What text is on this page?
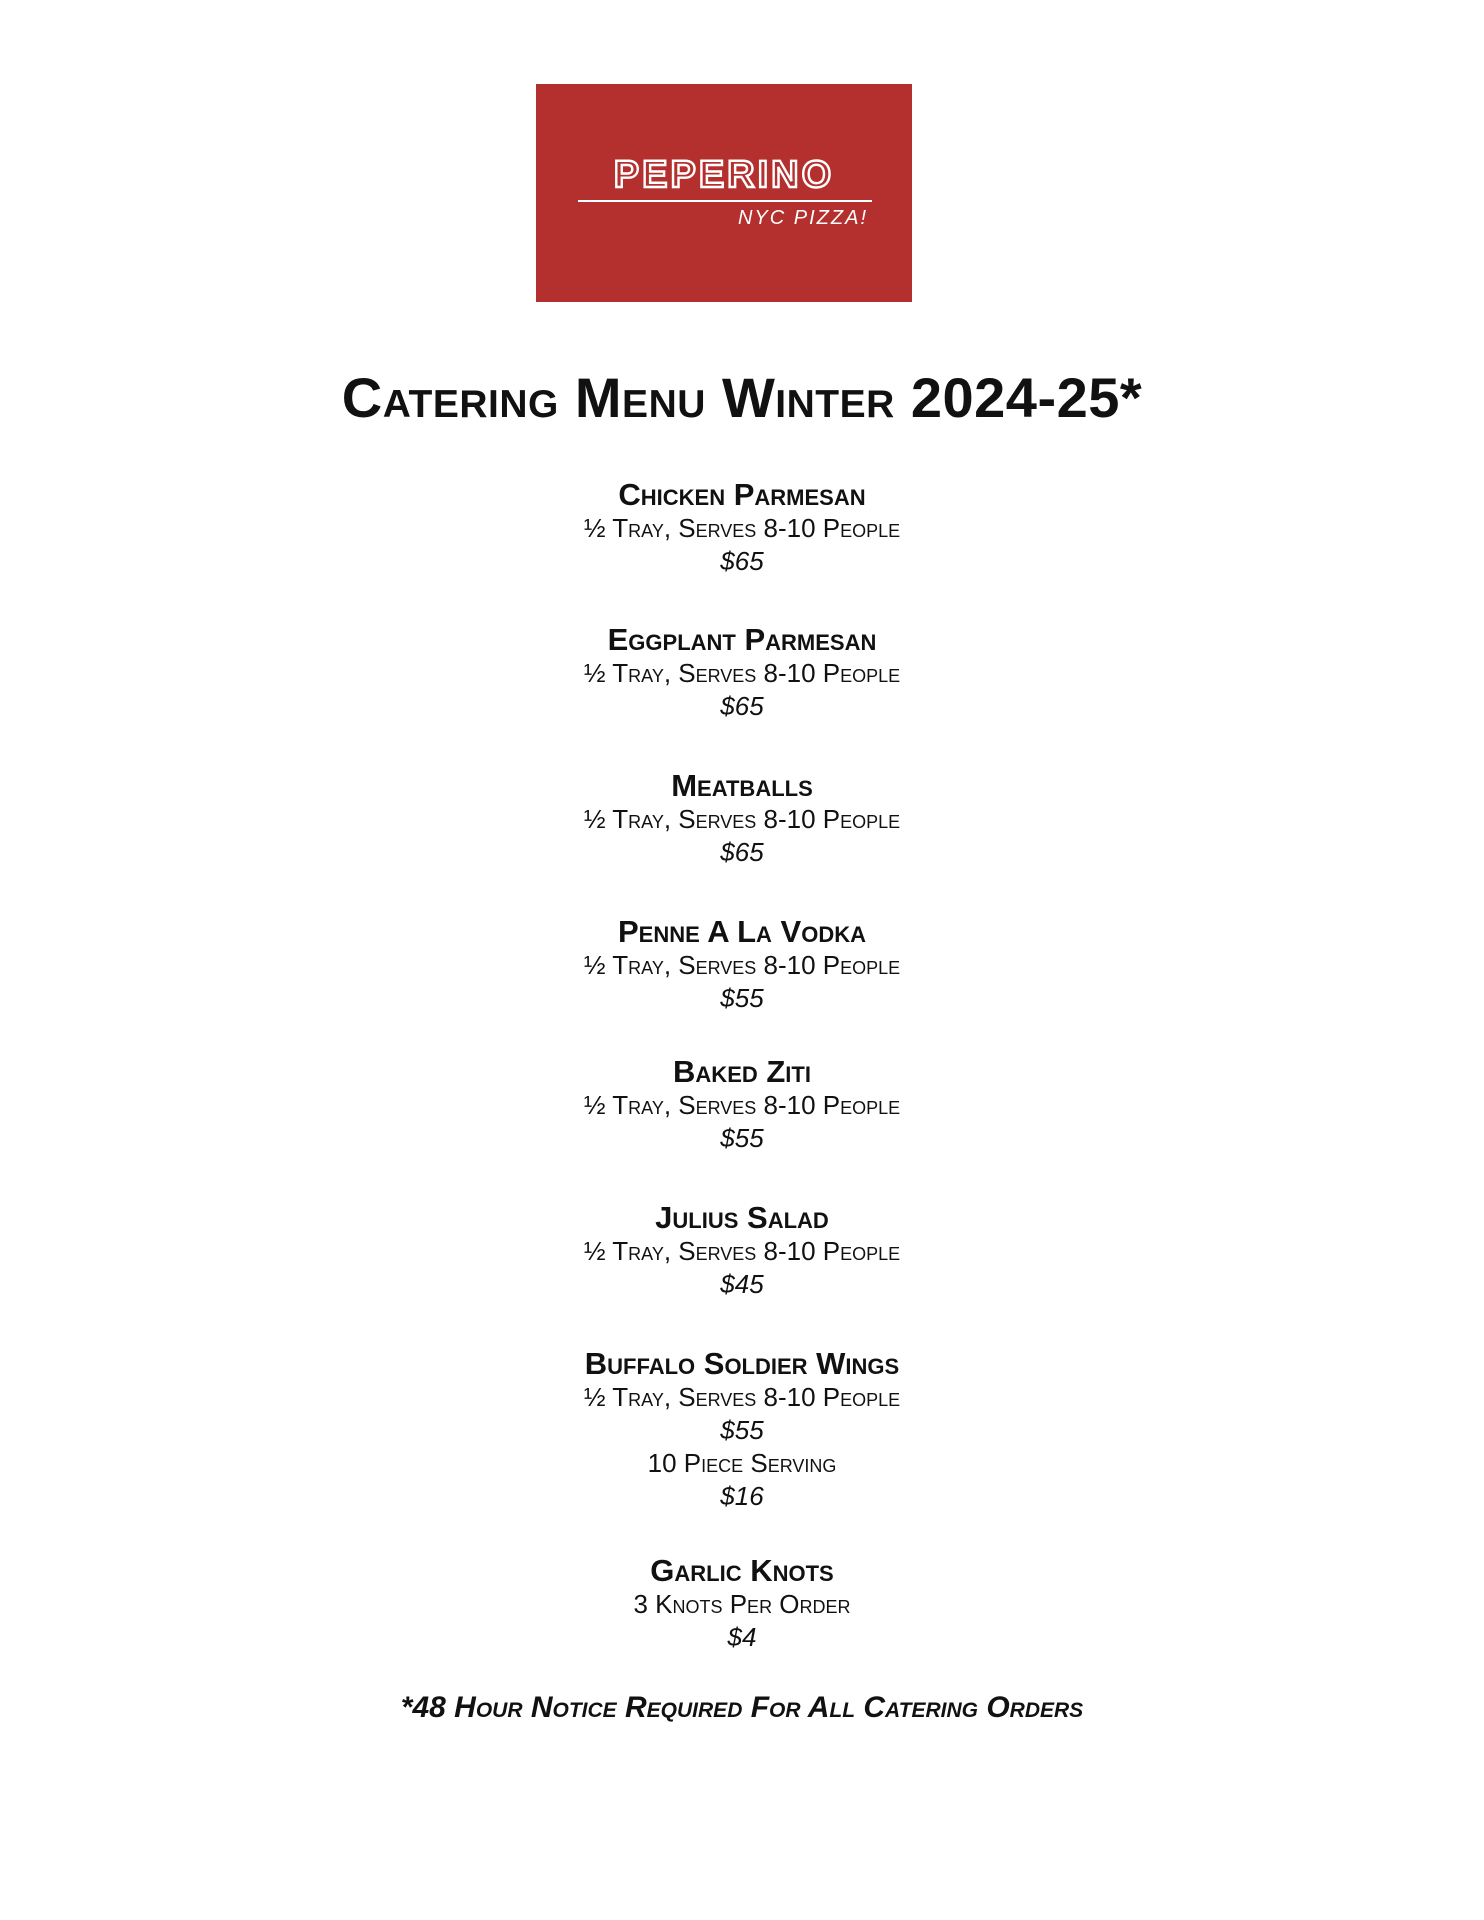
PEPERINO
NYC PIZZA!
Catering Menu Winter 2024-25*
Chicken Parmesan
½ Tray, Serves 8-10 People
$65
Eggplant Parmesan
½ Tray, Serves 8-10 People
$65
Meatballs
½ Tray, Serves 8-10 People
$65
Penne A La Vodka
½ Tray, Serves 8-10 People
$55
Baked Ziti
½ Tray, Serves 8-10 People
$55
Julius Salad
½ Tray, Serves 8-10 People
$45
Buffalo Soldier Wings
½ Tray, Serves 8-10 People
$55
10 Piece Serving
$16
Garlic Knots
3 Knots Per Order
$4
*48 Hour Notice Required For All Catering Orders
